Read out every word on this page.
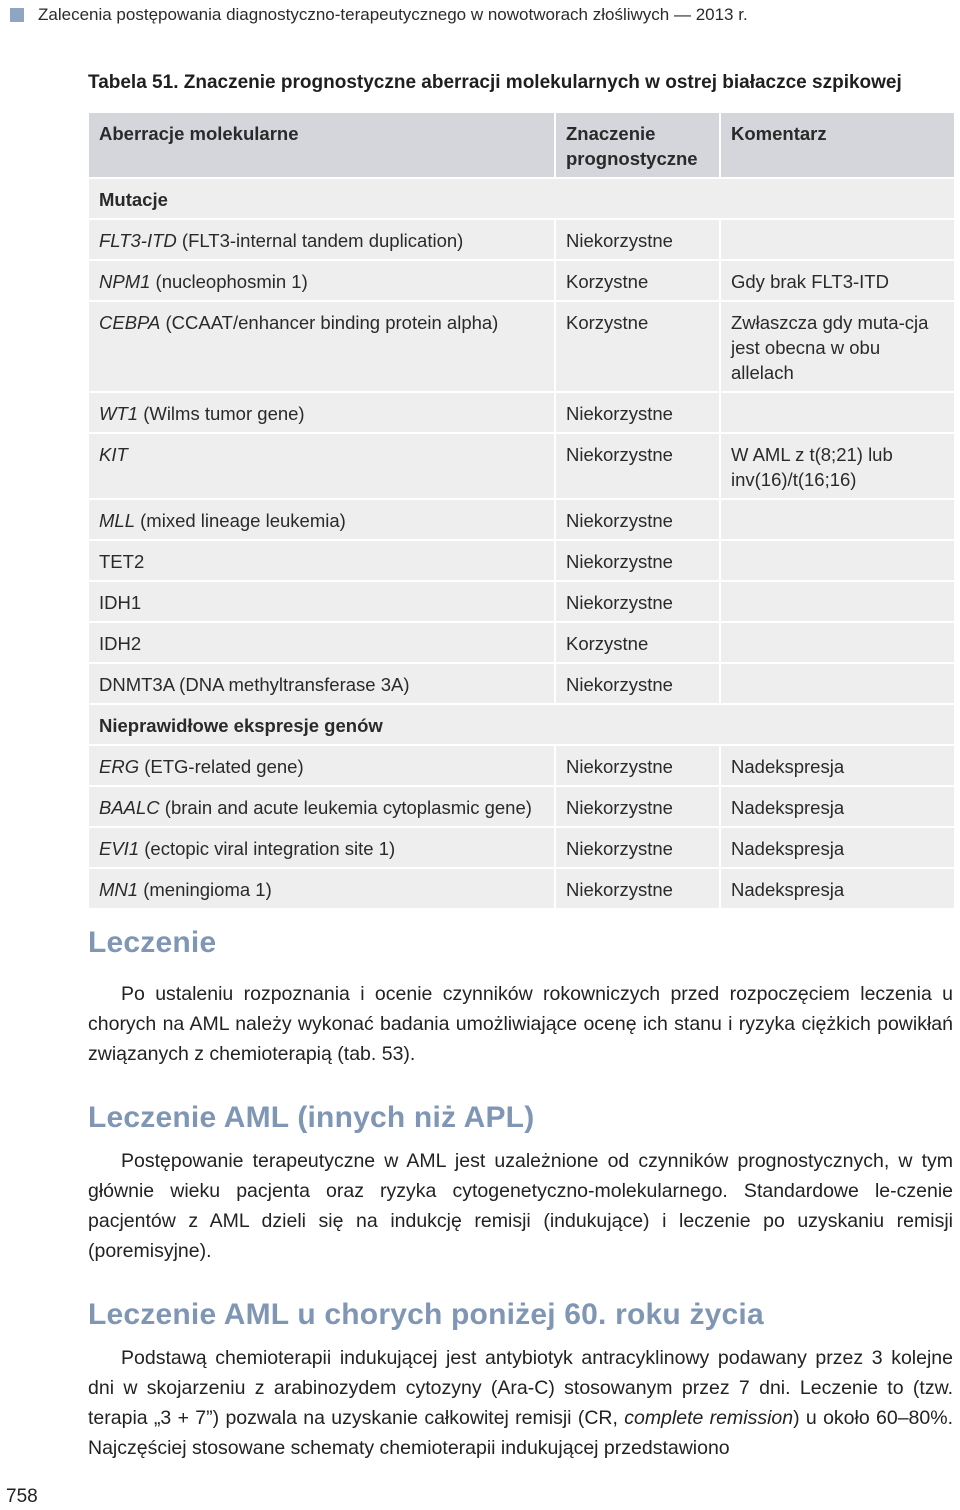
Zalecenia postępowania diagnostyczno-terapeutycznego w nowotworach złośliwych — 2013 r.
Tabela 51. Znaczenie prognostyczne aberracji molekularnych w ostrej białaczce szpikowej
Aberracje molekularne	Znaczenie prognostyczne	Komentarz
Mutacje		
FLT3-ITD (FLT3-internal tandem duplication)	Niekorzystne	
NPM1 (nucleophosmin 1)	Korzystne	Gdy brak FLT3-ITD
CEBPA (CCAAT/enhancer binding protein alpha)	Korzystne	Zwłaszcza gdy muta-cja jest obecna w obu allelach
WT1 (Wilms tumor gene)	Niekorzystne	
KIT	Niekorzystne	W AML z t(8;21) lub inv(16)/t(16;16)
MLL (mixed lineage leukemia)	Niekorzystne	
TET2	Niekorzystne	
IDH1	Niekorzystne	
IDH2	Korzystne	
DNMT3A (DNA methyltransferase 3A)	Niekorzystne	
Nieprawidłowe ekspresje genów		
ERG (ETG-related gene)	Niekorzystne	Nadekspresja
BAALC (brain and acute leukemia cytoplasmic gene)	Niekorzystne	Nadekspresja
EVI1 (ectopic viral integration site 1)	Niekorzystne	Nadekspresja
MN1 (meningioma 1)	Niekorzystne	Nadekspresja
Leczenie

Po ustaleniu rozpoznania i ocenie czynników rokowniczych przed rozpoczęciem leczenia u chorych na AML należy wykonać badania umożliwiające ocenę ich stanu i ryzyka ciężkich powikłań związanych z chemioterapią (tab. 53).

Leczenie AML (innych niż APL)

Postępowanie terapeutyczne w AML jest uzależnione od czynników prognostycznych, w tym głównie wieku pacjenta oraz ryzyka cytogenetyczno-molekularnego. Standardowe le-czenie pacjentów z AML dzieli się na indukcję remisji (indukujące) i leczenie po uzyskaniu remisji (poremisyjne).

Leczenie AML u chorych poniżej 60. roku życia

Podstawą chemioterapii indukującej jest antybiotyk antracyklinowy podawany przez 3 kolejne dni w skojarzeniu z arabinozydem cytozyny (Ara-C) stosowanym przez 7 dni. Leczenie to (tzw. terapia „3 + 7”) pozwala na uzyskanie całkowitej remisji (CR, complete remission) u około 60–80%. Najczęściej stosowane schematy chemioterapii indukującej przedstawiono

758
